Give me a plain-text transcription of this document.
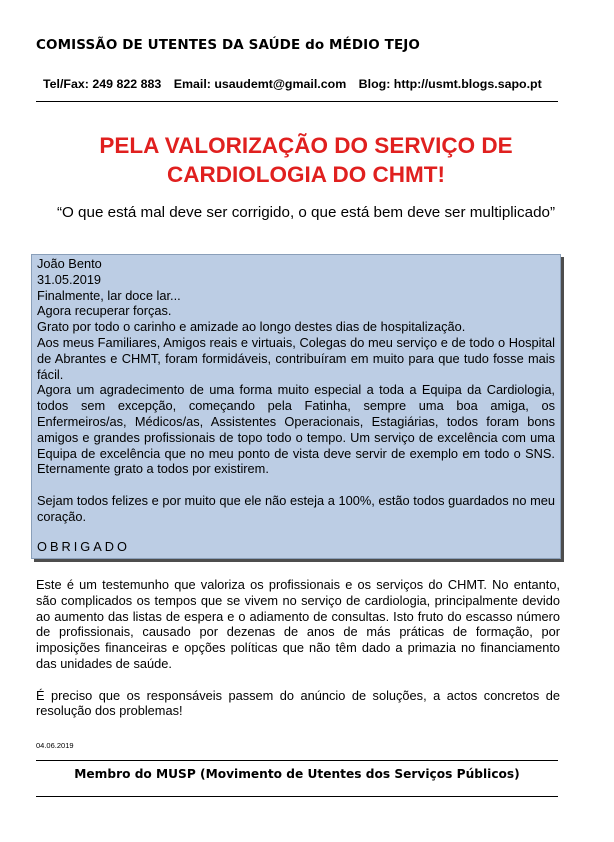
COMISSÃO DE UTENTES DA SAÚDE do MÉDIO TEJO
Tel/Fax: 249 822 883 Email: usaudemt@gmail.com Blog: http://usmt.blogs.sapo.pt
PELA VALORIZAÇÃO DO SERVIÇO DE
CARDIOLOGIA DO CHMT!
“O que está mal deve ser corrigido, o que está bem deve ser multiplicado”

João Bento

31.05.2019

Finalmente, lar doce lar...

Agora recuperar forças.

Grato por todo o carinho e amizade ao longo destes dias de hospitalização.

Aos meus Familiares, Amigos reais e virtuais, Colegas do meu serviço e de todo o Hospital de Abrantes e CHMT, foram formidáveis, contribuíram em muito para que tudo fosse mais fácil.

Agora um agradecimento de uma forma muito especial a toda a Equipa da Cardiologia, todos sem excepção, começando pela Fatinha, sempre uma boa amiga, os Enfermeiros/as, Médicos/as, Assistentes Operacionais, Estagiárias, todos foram bons amigos e grandes profissionais de topo todo o tempo. Um serviço de excelência com uma Equipa de excelência que no meu ponto de vista deve servir de exemplo em todo o SNS. Eternamente grato a todos por existirem.

Sejam todos felizes e por muito que ele não esteja a 100%, estão todos guardados no meu coração.

OBRIGADO

Este é um testemunho que valoriza os profissionais e os serviços do CHMT. No entanto, são complicados os tempos que se vivem no serviço de cardiologia, principalmente devido ao aumento das listas de espera e o adiamento de consultas. Isto fruto do escasso número de profissionais, causado por dezenas de anos de más práticas de formação, por imposições financeiras e opções políticas que não têm dado a primazia no financiamento das unidades de saúde.

É preciso que os responsáveis passem do anúncio de soluções, a actos concretos de resolução dos problemas!

04.06.2019
Membro do MUSP (Movimento de Utentes dos Serviços Públicos)
